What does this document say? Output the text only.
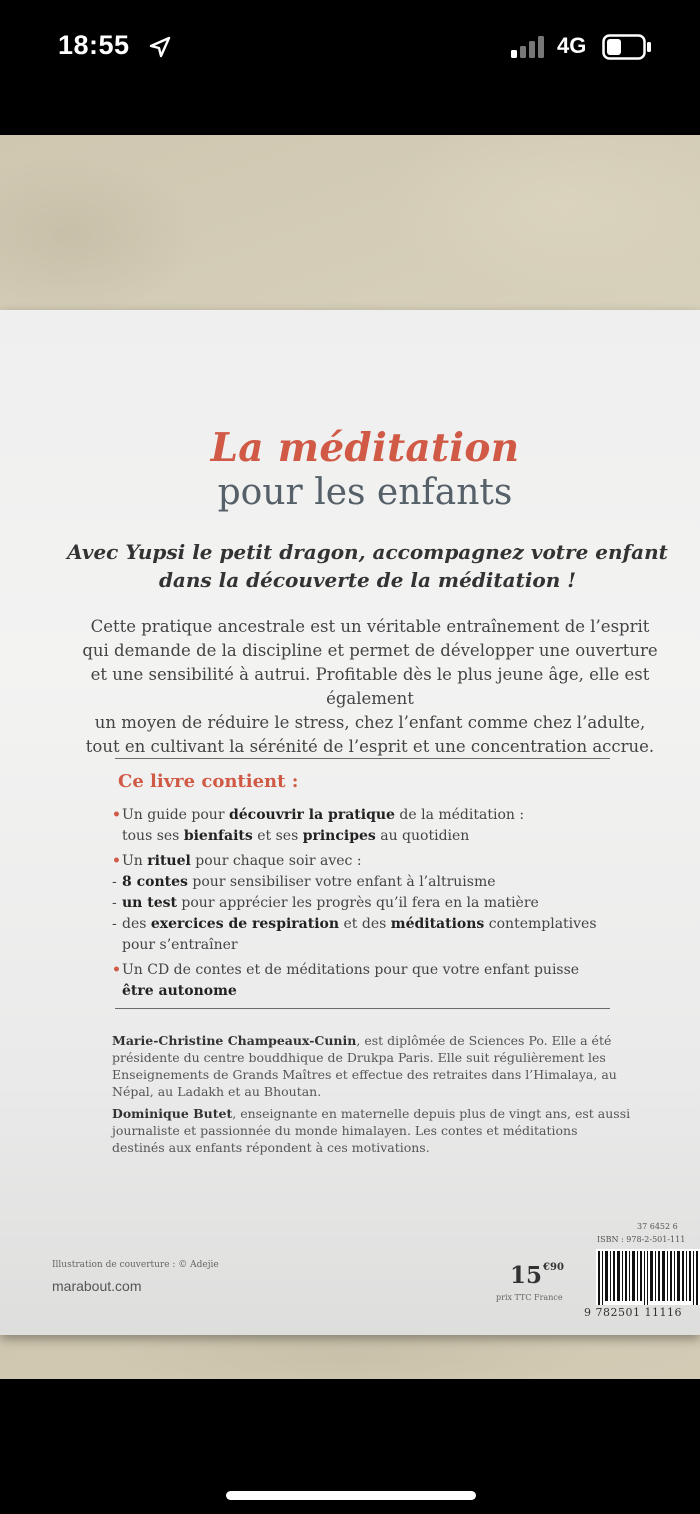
18:55	4G
La méditation
pour les enfants
Avec Yupsi le petit dragon, accompagnez votre enfant
dans la découverte de la méditation !
Cette pratique ancestrale est un véritable entraînement de l’esprit
qui demande de la discipline et permet de développer une ouverture
et une sensibilité à autrui. Profitable dès le plus jeune âge, elle est également
un moyen de réduire le stress, chez l’enfant comme chez l’adulte,
tout en cultivant la sérénité de l’esprit et une concentration accrue.
Ce livre contient :
• Un guide pour découvrir la pratique de la méditation :
tous ses bienfaits et ses principes au quotidien
• Un rituel pour chaque soir avec :
- 8 contes pour sensibiliser votre enfant à l’altruisme
- un test pour apprécier les progrès qu’il fera en la matière
- des exercices de respiration et des méditations contemplatives
pour s’entraîner
• Un CD de contes et de méditations pour que votre enfant puisse
être autonome

Marie-Christine Champeaux-Cunin, est diplômée de Sciences Po. Elle a été présidente du centre bouddhique de Drukpa Paris. Elle suit régulièrement les Enseignements de Grands Maîtres et effectue des retraites dans l’Himalaya, au Népal, au Ladakh et au Bhoutan.

Dominique Butet, enseignante en maternelle depuis plus de vingt ans, est aussi journaliste et passionnée du monde himalayen. Les contes et méditations destinés aux enfants répondent à ces motivations.

Illustration de couverture : © Adejie
marabout.com	$15^{€90}$
prix TTC France
37 6452 6
ISBN : 978-2-501-111
9 782501 11116
